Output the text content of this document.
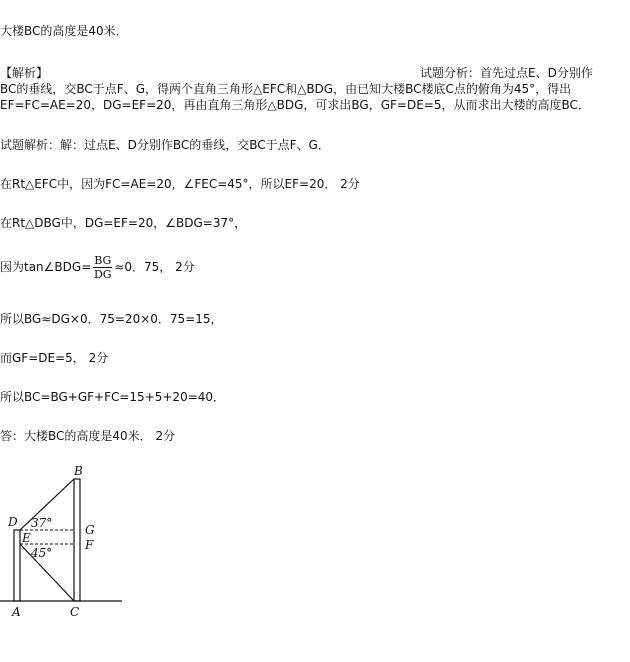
大楼BC的高度是40米．
【解析】	试题分析：首先过点E、D分别作
BC的垂线，交BC于点F、G，得两个直角三角形△EFC和△BDG，由已知大楼BC楼底C点的俯角为45°，得出
EF=FC=AE=20，DG=EF=20，再由直角三角形△BDG，可求出BG，GF=DE=5，从而求出大楼的高度BC．
试题解析：解：过点E、D分别作BC的垂线，交BC于点F、G．
在Rt△EFC中，因为FC=AE=20，∠FEC=45°，所以EF=20． 2分
在Rt△DBG中，DG=EF=20，∠BDG=37°，
因为tan∠BDG= $\frac{BG}{DG} \approx 0$．75， 2分
所以BG≈DG×0．75=20×0．75=15，
而GF=DE=5， 2分
所以BC=BG+GF+FC=15+5+20=40．
答：大楼BC的高度是40米． 2分
D
E
A	C
B
G
F
37°
45°
